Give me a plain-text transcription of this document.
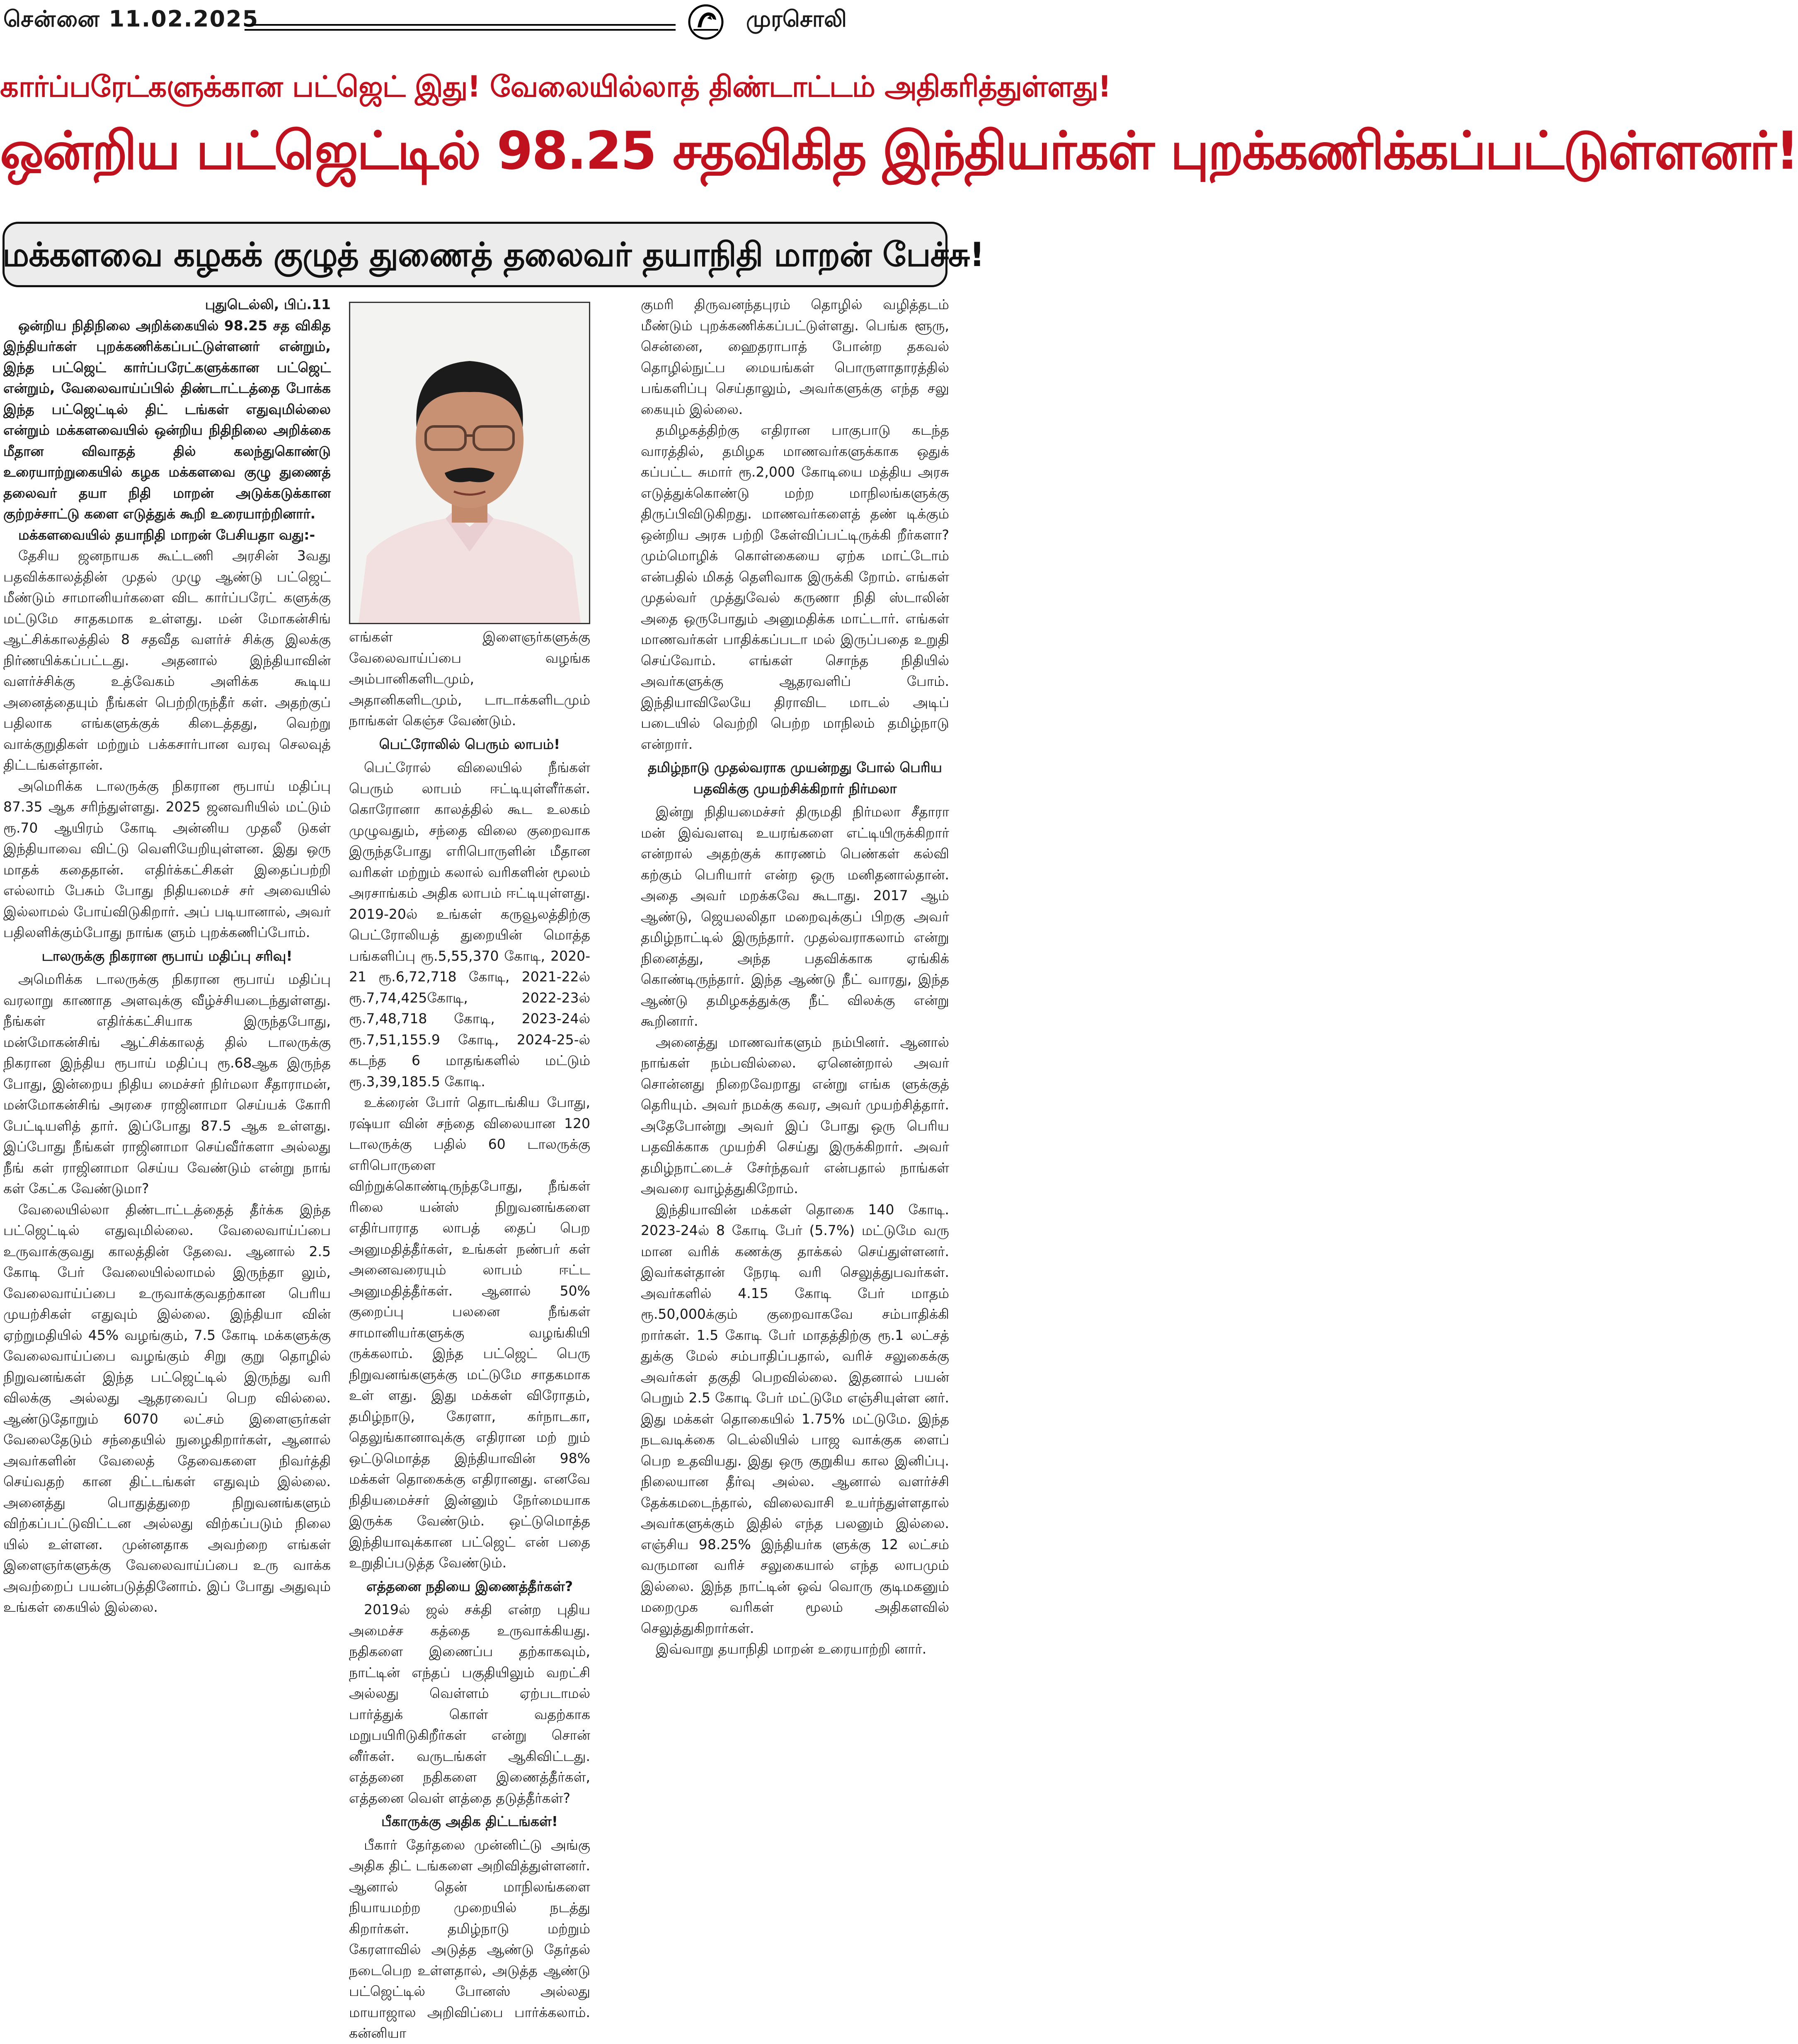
சென்னை 11.02.2025	முரசொலி
கார்ப்பரேட்களுக்கான பட்ஜெட் இது! வேலையில்லாத் திண்டாட்டம் அதிகரித்துள்ளது!
ஒன்றிய பட்ஜெட்டில் 98.25 சதவிகித இந்தியர்கள் புறக்கணிக்கப்பட்டுள்ளனர்!
மக்களவை கழகக் குழுத் துணைத் தலைவர் தயாநிதி மாறன் பேச்சு!

புதுடெல்லி, பிப்.11

ஒன்றிய நிதிநிலை அறிக்கையில் 98.25 சத விகித இந்தியர்கள் புறக்கணிக்கப்பட்டுள்ளனர் என்றும், இந்த பட்ஜெட் கார்ப்பரேட்களுக்கான பட்ஜெட் என்றும், வேலைவாய்ப்பில் திண்டாட்டத்தை போக்க இந்த பட்ஜெட்டில் திட் டங்கள் எதுவுமில்லை என்றும் மக்களவையில் ஒன்றிய நிதிநிலை அறிக்கை மீதான விவாதத் தில் கலந்துகொண்டு உரையாற்றுகையில் கழக மக்களவை குழு துணைத் தலைவர் தயா நிதி மாறன் அடுக்கடுக்கான குற்றச்சாட்டு களை எடுத்துக் கூறி உரையாற்றினார்.

மக்களவையில் தயாநிதி மாறன் பேசியதா வது:-

தேசிய ஜனநாயக கூட்டணி அரசின் 3வது பதவிக்காலத்தின் முதல் முழு ஆண்டு பட்ஜெட் மீண்டும் சாமானியர்களை விட கார்ப்பரேட் களுக்கு மட்டுமே சாதகமாக உள்ளது. மன் மோகன்சிங் ஆட்சிக்காலத்தில் 8 சதவீத வளர்ச் சிக்கு இலக்கு நிர்ணயிக்கப்பட்டது. அதனால் இந்தியாவின் வளர்ச்சிக்கு உத்வேகம் அளிக்க கூடிய அனைத்தையும் நீங்கள் பெற்றிருந்தீர் கள். அதற்குப் பதிலாக எங்களுக்குக் கிடைத்தது, வெற்று வாக்குறுதிகள் மற்றும் பக்கசார்பான வரவு செலவுத் திட்டங்கள்தான்.

அமெரிக்க டாலருக்கு நிகரான ரூபாய் மதிப்பு 87.35 ஆக சரிந்துள்ளது. 2025 ஜனவரியில் மட்டும் ரூ.70 ஆயிரம் கோடி அன்னிய முதலீ டுகள் இந்தியாவை விட்டு வெளியேறியுள்ளன. இது ஒரு மாதக் கதைதான். எதிர்க்கட்சிகள் இதைப்பற்றி எல்லாம் பேசும் போது நிதியமைச் சர் அவையில் இல்லாமல் போய்விடுகிறார். அப் படியானால், அவர் பதிலளிக்கும்போது நாங்க ளும் புறக்கணிப்போம்.

டாலருக்கு நிகரான ரூபாய் மதிப்பு சரிவு!

அமெரிக்க டாலருக்கு நிகரான ரூபாய் மதிப்பு வரலாறு காணாத அளவுக்கு வீழ்ச்சியடைந்துள்ளது. நீங்கள் எதிர்க்கட்சியாக இருந்தபோது, மன்மோகன்சிங் ஆட்சிக்காலத் தில் டாலருக்கு நிகரான இந்திய ரூபாய் மதிப்பு ரூ.68ஆக இருந்த போது, இன்றைய நிதிய மைச்சர் நிர்மலா சீதாராமன், மன்மோகன்சிங் அரசை ராஜினாமா செய்யக் கோரி பேட்டியளித் தார். இப்போது 87.5 ஆக உள்ளது. இப்போது நீங்கள் ராஜினாமா செய்வீர்களா அல்லது நீங் கள் ராஜினாமா செய்ய வேண்டும் என்று நாங் கள் கேட்க வேண்டுமா?

வேலையில்லா திண்டாட்டத்தைத் தீர்க்க இந்த பட்ஜெட்டில் எதுவுமில்லை. வேலைவாய்ப்பை உருவாக்குவது காலத்தின் தேவை. ஆனால் 2.5 கோடி பேர் வேலையில்லாமல் இருந்தா லும், வேலைவாய்ப்பை உருவாக்குவதற்கான பெரிய முயற்சிகள் எதுவும் இல்லை. இந்தியா வின் ஏற்றுமதியில் 45% வழங்கும், 7.5 கோடி மக்களுக்கு வேலைவாய்ப்பை வழங்கும் சிறு குறு தொழில் நிறுவனங்கள் இந்த பட்ஜெட்டில் இருந்து வரி விலக்கு அல்லது ஆதரவைப் பெற வில்லை. ஆண்டுதோறும் 6070 லட்சம் இளைஞர்கள் வேலைதேடும் சந்தையில் நுழைகிறார்கள், ஆனால் அவர்களின் வேலைத் தேவைகளை நிவர்த்தி செய்வதற் கான திட்டங்கள் எதுவும் இல்லை. அனைத்து பொதுத்துறை நிறுவனங்களும் விற்கப்பட்டுவிட்டன அல்லது விற்கப்படும் நிலை யில் உள்ளன. முன்னதாக அவற்றை எங்கள் இளைஞர்களுக்கு வேலைவாய்ப்பை உரு வாக்க அவற்றைப் பயன்படுத்தினோம். இப் போது அதுவும் உங்கள் கையில் இல்லை.

எங்கள் இளைஞர்களுக்கு வேலைவாய்ப்பை வழங்க அம்பானிகளிடமும், அதானிகளிடமும், டாடாக்களிடமும் நாங்கள் கெஞ்ச வேண்டும்.

பெட்ரோலில் பெரும் லாபம்!

பெட்ரோல் விலையில் நீங்கள் பெரும் லாபம் ஈட்டியுள்ளீர்கள். கொரோனா காலத்தில் கூட உலகம் முழுவதும், சந்தை விலை குறைவாக இருந்தபோது எரிபொருளின் மீதான வரிகள் மற்றும் கலால் வரிகளின் மூலம் அரசாங்கம் அதிக லாபம் ஈட்டியுள்ளது. 2019-20ல் உங்கள் கருவூலத்திற்கு பெட்ரோலியத் துறையின் மொத்த பங்களிப்பு ரூ.5,55,370 கோடி, 2020-21 ரூ.6,72,718 கோடி, 2021-22ல் ரூ.7,74,425கோடி, 2022-23ல் ரூ.7,48,718 கோடி, 2023-24ல் ரூ.7,51,155.9 கோடி, 2024-25-ல் கடந்த 6 மாதங்களில் மட்டும் ரூ.3,39,185.5 கோடி.

உக்ரைன் போர் தொடங்கிய போது, ரஷ்யா வின் சந்தை விலையான 120 டாலருக்கு பதில் 60 டாலருக்கு எரிபொருளை விற்றுக்கொண்டிருந்தபோது, நீங்கள் ரிலை யன்ஸ் நிறுவனங்களை எதிர்பாராத லாபத் தைப் பெற அனுமதித்தீர்கள், உங்கள் நண்பர் கள் அனைவரையும் லாபம் ஈட்ட அனுமதித்தீர்கள். ஆனால் 50% குறைப்பு பலனை நீங்கள் சாமானியர்களுக்கு வழங்கியி ருக்கலாம். இந்த பட்ஜெட் பெரு நிறுவனங்களுக்கு மட்டுமே சாதகமாக உள் ளது. இது மக்கள் விரோதம், தமிழ்நாடு, கேரளா, கர்நாடகா, தெலுங்கானாவுக்கு எதிரான மற் றும் ஒட்டுமொத்த இந்தியாவின் 98% மக்கள் தொகைக்கு எதிரானது. எனவே நிதியமைச்சர் இன்னும் நேர்மையாக இருக்க வேண்டும். ஒட்டுமொத்த இந்தியாவுக்கான பட்ஜெட் என் பதை உறுதிப்படுத்த வேண்டும்.

எத்தனை நதியை இணைத்தீர்கள்?

2019ல் ஜல் சக்தி என்ற புதிய அமைச்ச கத்தை உருவாக்கியது. நதிகளை இணைப்ப தற்காகவும், நாட்டின் எந்தப் பகுதியிலும் வறட்சி அல்லது வெள்ளம் ஏற்படாமல் பார்த்துக் கொள் வதற்காக மறுபயிரிடுகிறீர்கள் என்று சொன் னீர்கள். வருடங்கள் ஆகிவிட்டது. எத்தனை நதிகளை இணைத்தீர்கள், எத்தனை வெள் ளத்தை தடுத்தீர்கள்?

பீகாருக்கு அதிக திட்டங்கள்!

பீகார் தேர்தலை முன்னிட்டு அங்கு அதிக திட் டங்களை அறிவித்துள்ளனர். ஆனால் தென் மாநிலங்களை நியாயமற்ற முறையில் நடத்து கிறார்கள். தமிழ்நாடு மற்றும் கேரளாவில் அடுத்த ஆண்டு தேர்தல் நடைபெற உள்ளதால், அடுத்த ஆண்டு பட்ஜெட்டில் போனஸ் அல்லது மாயாஜால அறிவிப்பை பார்க்கலாம். கன்னியா

குமரி திருவனந்தபுரம் தொழில் வழித்தடம் மீண்டும் புறக்கணிக்கப்பட்டுள்ளது. பெங்க ளூரு, சென்னை, ஹைதராபாத் போன்ற தகவல் தொழில்நுட்ப மையங்கள் பொருளாதாரத்தில் பங்களிப்பு செய்தாலும், அவர்களுக்கு எந்த சலு கையும் இல்லை.

தமிழகத்திற்கு எதிரான பாகுபாடு கடந்த வாரத்தில், தமிழக மாணவர்களுக்காக ஒதுக் கப்பட்ட சுமார் ரூ.2,000 கோடியை மத்திய அரசு எடுத்துக்கொண்டு மற்ற மாநிலங்களுக்கு திருப்பிவிடுகிறது. மாணவர்களைத் தண் டிக்கும் ஒன்றிய அரசு பற்றி கேள்விப்பட்டிருக்கி றீர்களா? மும்மொழிக் கொள்கையை ஏற்க மாட்டோம் என்பதில் மிகத் தெளிவாக இருக்கி றோம். எங்கள் முதல்வர் முத்துவேல் கருணா நிதி ஸ்டாலின் அதை ஒருபோதும் அனுமதிக்க மாட்டார். எங்கள் மாணவர்கள் பாதிக்கப்படா மல் இருப்பதை உறுதி செய்வோம். எங்கள் சொந்த நிதியில் அவர்களுக்கு ஆதரவளிப் போம். இந்தியாவிலேயே திராவிட மாடல் அடிப் படையில் வெற்றி பெற்ற மாநிலம் தமிழ்நாடு என்றார்.

தமிழ்நாடு முதல்வராக முயன்றது போல் பெரிய பதவிக்கு முயற்சிக்கிறார் நிர்மலா

இன்று நிதியமைச்சர் திருமதி நிர்மலா சீதாரா மன் இவ்வளவு உயரங்களை எட்டியிருக்கிறார் என்றால் அதற்குக் காரணம் பெண்கள் கல்வி கற்கும் பெரியார் என்ற ஒரு மனிதனால்தான். அதை அவர் மறக்கவே கூடாது. 2017 ஆம் ஆண்டு, ஜெயலலிதா மறைவுக்குப் பிறகு அவர் தமிழ்நாட்டில் இருந்தார். முதல்வராகலாம் என்று நினைத்து, அந்த பதவிக்காக ஏங்கிக் கொண்டிருந்தார். இந்த ஆண்டு நீட் வாரது, இந்த ஆண்டு தமிழகத்துக்கு நீட் விலக்கு என்று கூறினார்.

அனைத்து மாணவர்களும் நம்பினர். ஆனால் நாங்கள் நம்பவில்லை. ஏனென்றால் அவர் சொன்னது நிறைவேறாது என்று எங்க ளுக்குத் தெரியும். அவர் நமக்கு கவர, அவர் முயற்சித்தார். அதேபோன்று அவர் இப் போது ஒரு பெரிய பதவிக்காக முயற்சி செய்து இருக்கிறார். அவர் தமிழ்நாட்டைச் சேர்ந்தவர் என்பதால் நாங்கள் அவரை வாழ்த்துகிறோம்.

இந்தியாவின் மக்கள் தொகை 140 கோடி. 2023-24ல் 8 கோடி பேர் (5.7%) மட்டுமே வரு மான வரிக் கணக்கு தாக்கல் செய்துள்ளனர். இவர்கள்தான் நேரடி வரி செலுத்துபவர்கள். அவர்களில் 4.15 கோடி பேர் மாதம் ரூ.50,000க்கும் குறைவாகவே சம்பாதிக்கி றார்கள். 1.5 கோடி பேர் மாதத்திற்கு ரூ.1 லட்சத் துக்கு மேல் சம்பாதிப்பதால், வரிச் சலுகைக்கு அவர்கள் தகுதி பெறவில்லை. இதனால் பயன் பெறும் 2.5 கோடி பேர் மட்டுமே எஞ்சியுள்ள னர். இது மக்கள் தொகையில் 1.75% மட்டுமே. இந்த நடவடிக்கை டெல்லியில் பாஜ வாக்குக ளைப் பெற உதவியது. இது ஒரு குறுகிய கால இனிப்பு. நிலையான தீர்வு அல்ல. ஆனால் வளர்ச்சி தேக்கமடைந்தால், விலைவாசி உயர்ந்துள்ளதால் அவர்களுக்கும் இதில் எந்த பலனும் இல்லை. எஞ்சிய 98.25% இந்தியர்க ளுக்கு 12 லட்சம் வருமான வரிச் சலுகையால் எந்த லாபமும் இல்லை. இந்த நாட்டின் ஒவ் வொரு குடிமகனும் மறைமுக வரிகள் மூலம் அதிகளவில் செலுத்துகிறார்கள்.

இவ்வாறு தயாநிதி மாறன் உரையாற்றி னார்.
